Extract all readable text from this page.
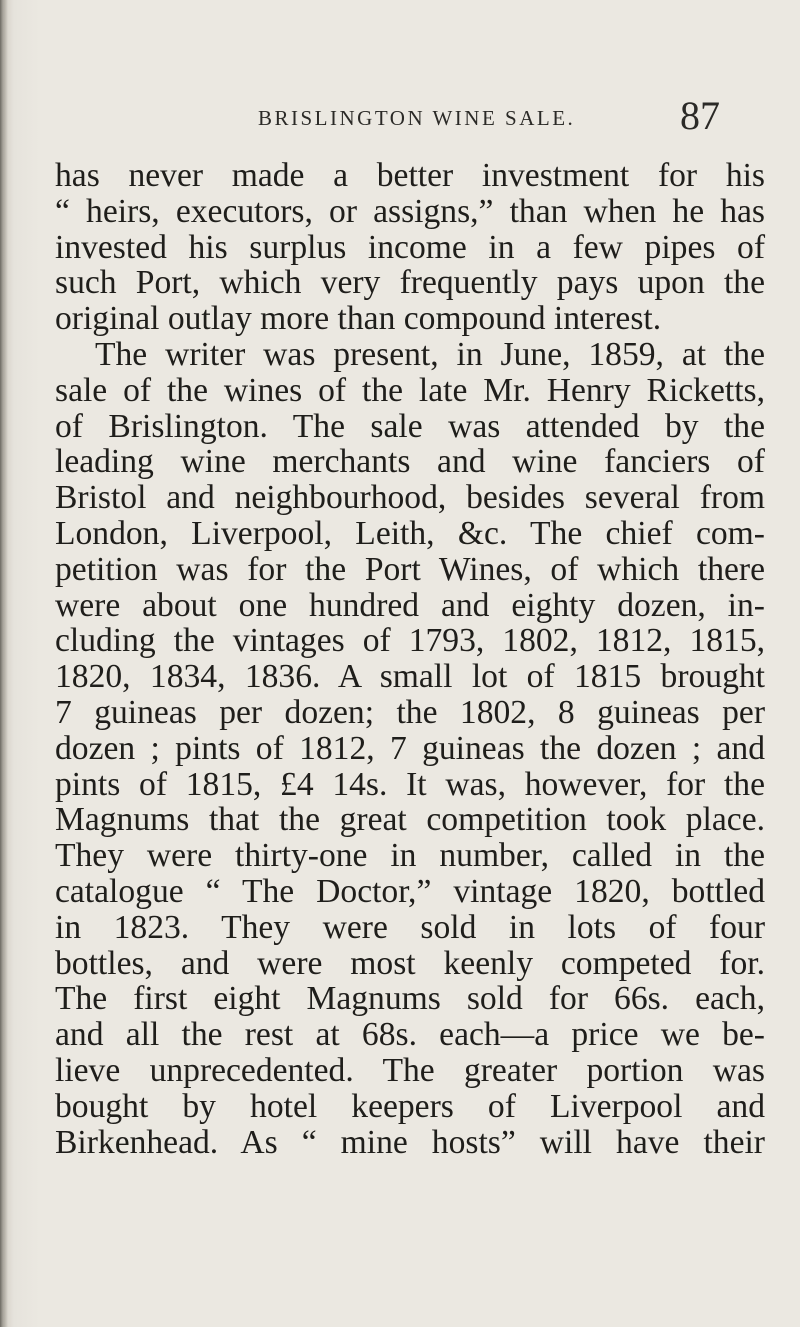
BRISLINGTON WINE SALE.	87
has never made a better investment for his
“ heirs, executors, or assigns,” than when he has
invested his surplus income in a few pipes of
such Port, which very frequently pays upon the
original outlay more than compound interest.
The writer was present, in June, 1859, at the
sale of the wines of the late Mr. Henry Ricketts,
of Brislington. The sale was attended by the
leading wine merchants and wine fanciers of
Bristol and neighbourhood, besides several from
London, Liverpool, Leith, &c. The chief com-
petition was for the Port Wines, of which there
were about one hundred and eighty dozen, in-
cluding the vintages of 1793, 1802, 1812, 1815,
1820, 1834, 1836. A small lot of 1815 brought
7 guineas per dozen; the 1802, 8 guineas per
dozen ; pints of 1812, 7 guineas the dozen ; and
pints of 1815, £4 14s. It was, however, for the
Magnums that the great competition took place.
They were thirty-one in number, called in the
catalogue “ The Doctor,” vintage 1820, bottled
in 1823. They were sold in lots of four
bottles, and were most keenly competed for.
The first eight Magnums sold for 66s. each,
and all the rest at 68s. each—a price we be-
lieve unprecedented. The greater portion was
bought by hotel keepers of Liverpool and
Birkenhead. As “ mine hosts” will have their
